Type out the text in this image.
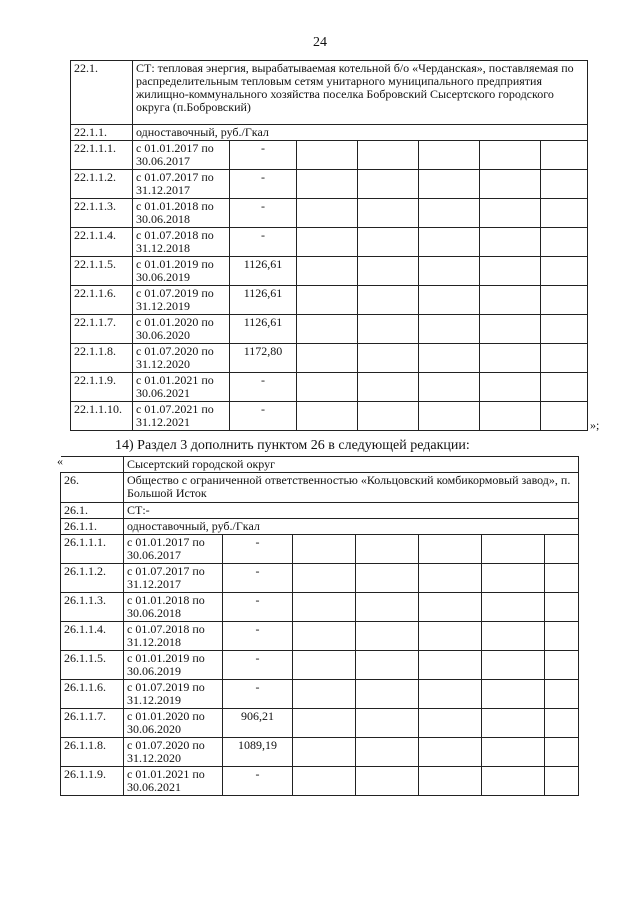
24
22.1.	СТ: тепловая энергия, вырабатываемая котельной б/о «Черданская», поставляемая по распределительным тепловым сетям унитарного муниципального предприятия жилищно-коммунального хозяйства поселка Бобровский Сысертского городского округа (п.Бобровский)						
22.1.1.	одноставочный, руб./Гкал						
22.1.1.1.	с 01.01.2017 по 30.06.2017	-					
22.1.1.2.	с 01.07.2017 по 31.12.2017	-					
22.1.1.3.	с 01.01.2018 по 30.06.2018	-					
22.1.1.4.	с 01.07.2018 по 31.12.2018	-					
22.1.1.5.	с 01.01.2019 по 30.06.2019	1126,61					
22.1.1.6.	с 01.07.2019 по 31.12.2019	1126,61					
22.1.1.7.	с 01.01.2020 по 30.06.2020	1126,61					
22.1.1.8.	с 01.07.2020 по 31.12.2020	1172,80					
22.1.1.9.	с 01.01.2021 по 30.06.2021	-					
22.1.1.10.	с 01.07.2021 по 31.12.2021	-					
»;
14) Раздел 3 дополнить пунктом 26 в следующей редакции:
«
		Сысертский городской округ						
26.	Общество с ограниченной ответственностью «Кольцовский комбикормовый завод», п. Большой Исток						
26.1.	СТ:-						
26.1.1.	одноставочный, руб./Гкал						
26.1.1.1.	с 01.01.2017 по 30.06.2017	-					
26.1.1.2.	с 01.07.2017 по 31.12.2017	-					
26.1.1.3.	с 01.01.2018 по 30.06.2018	-					
26.1.1.4.	с 01.07.2018 по 31.12.2018	-					
26.1.1.5.	с 01.01.2019 по 30.06.2019	-					
26.1.1.6.	с 01.07.2019 по 31.12.2019	-					
26.1.1.7.	с 01.01.2020 по 30.06.2020	906,21					
26.1.1.8.	с 01.07.2020 по 31.12.2020	1089,19					
26.1.1.9.	с 01.01.2021 по 30.06.2021	-					
